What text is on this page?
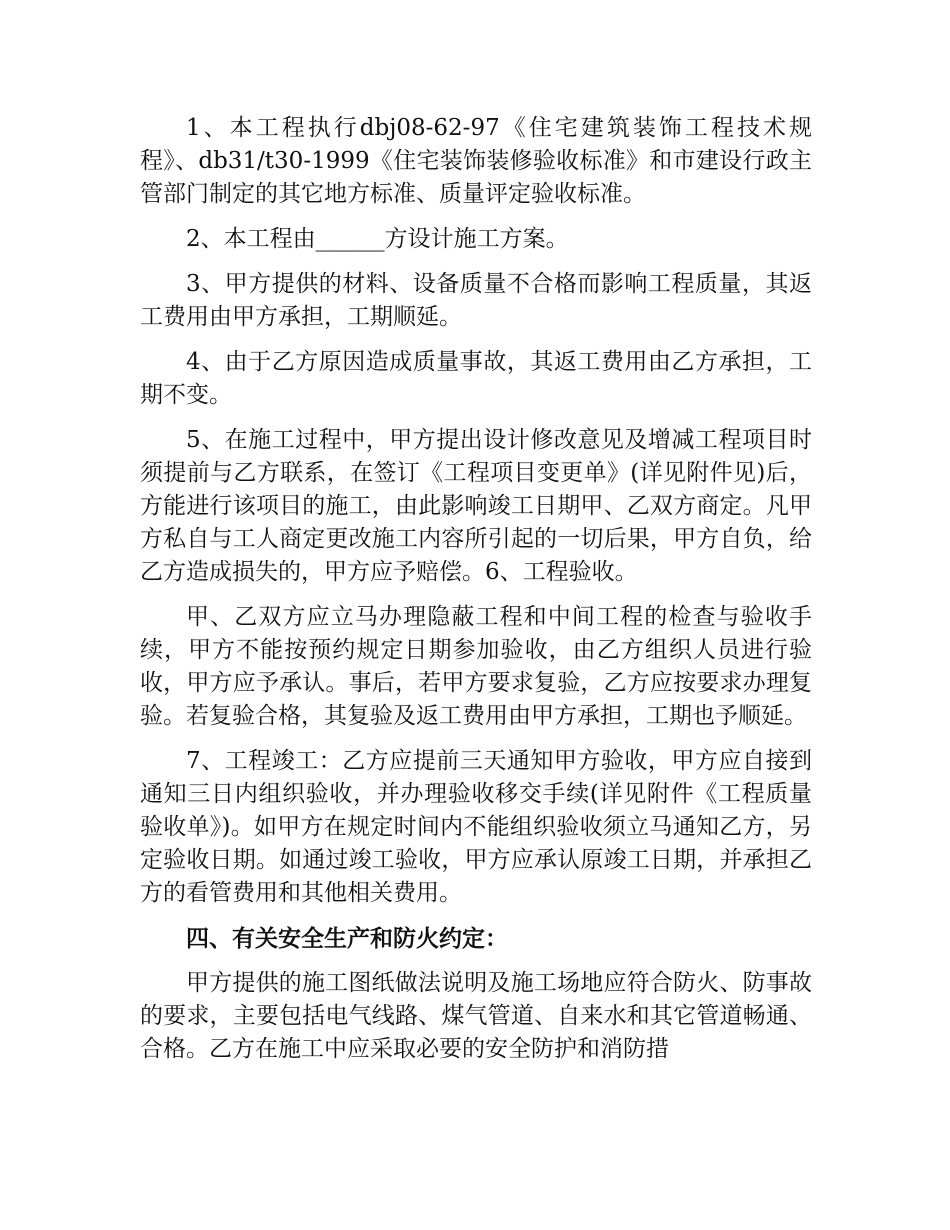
1、本工程执行dbj08-62-97《住宅建筑装饰工程技术规程》、db31/t30-1999《住宅装饰装修验收标准》和市建设行政主管部门制定的其它地方标准、质量评定验收标准。

2、本工程由______方设计施工方案。

3、甲方提供的材料、设备质量不合格而影响工程质量，其返工费用由甲方承担，工期顺延。

4、由于乙方原因造成质量事故，其返工费用由乙方承担，工期不变。

5、在施工过程中，甲方提出设计修改意见及增减工程项目时须提前与乙方联系，在签订《工程项目变更单》(详见附件见)后，方能进行该项目的施工，由此影响竣工日期甲、乙双方商定。凡甲方私自与工人商定更改施工内容所引起的一切后果，甲方自负，给乙方造成损失的，甲方应予赔偿。6、工程验收。

甲、乙双方应立马办理隐蔽工程和中间工程的检查与验收手续，甲方不能按预约规定日期参加验收，由乙方组织人员进行验收，甲方应予承认。事后，若甲方要求复验，乙方应按要求办理复验。若复验合格，其复验及返工费用由甲方承担，工期也予顺延。

7、工程竣工：乙方应提前三天通知甲方验收，甲方应自接到通知三日内组织验收，并办理验收移交手续(详见附件《工程质量验收单》)。如甲方在规定时间内不能组织验收须立马通知乙方，另定验收日期。如通过竣工验收，甲方应承认原竣工日期，并承担乙方的看管费用和其他相关费用。

四、有关安全生产和防火约定：

甲方提供的施工图纸做法说明及施工场地应符合防火、防事故的要求，主要包括电气线路、煤气管道、自来水和其它管道畅通、合格。乙方在施工中应采取必要的安全防护和消防措
